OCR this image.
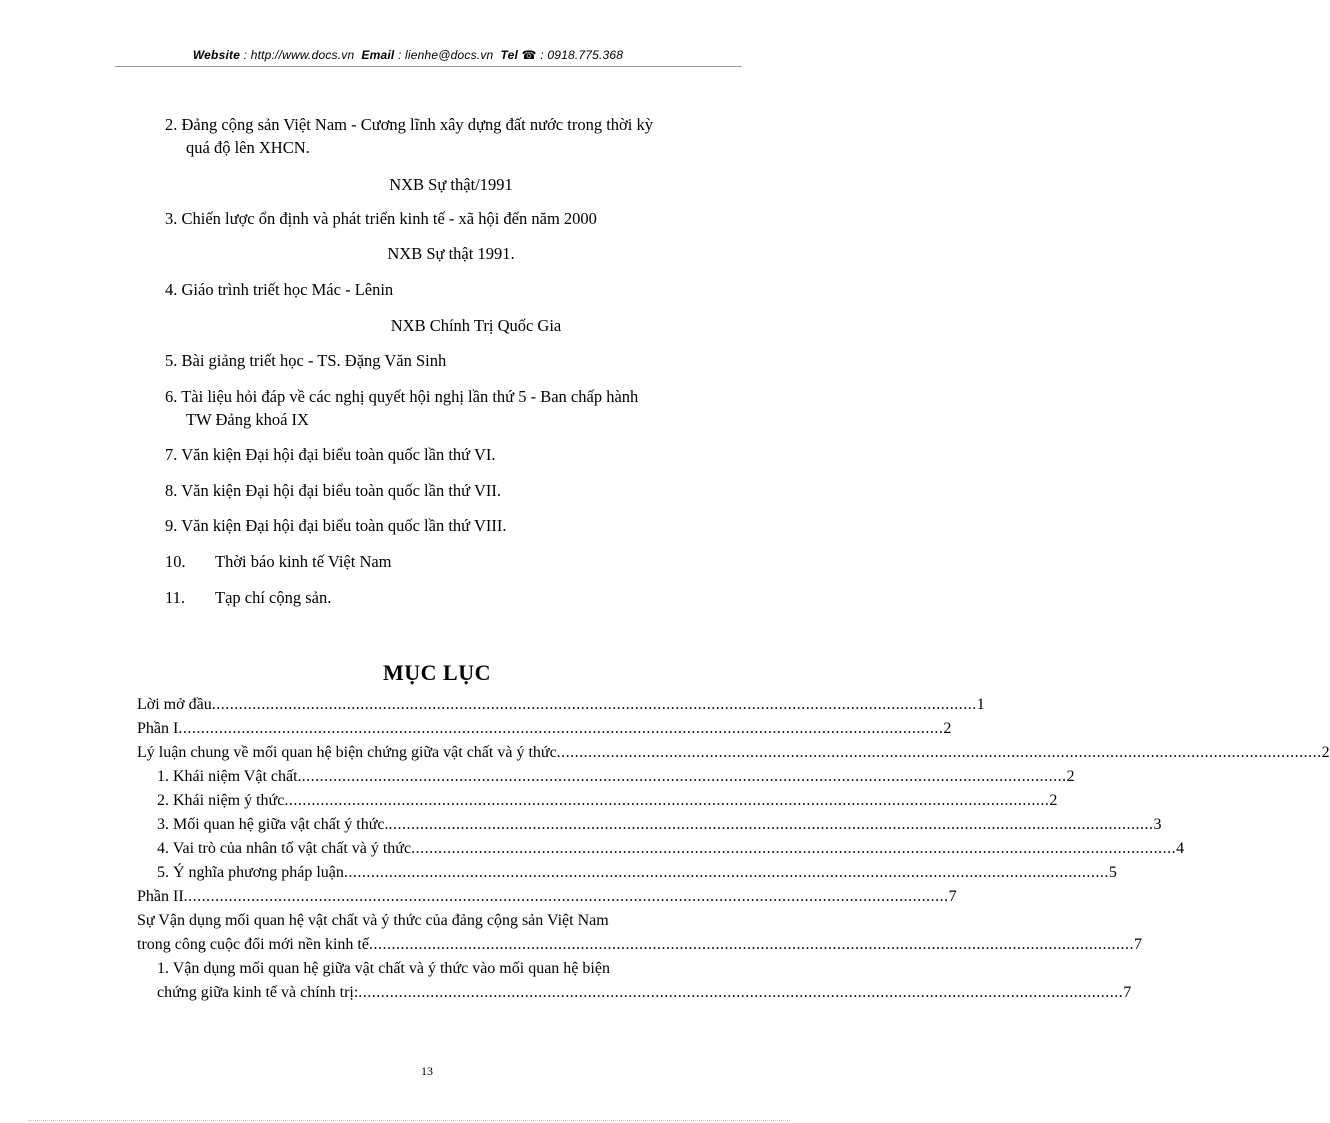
Website : http://www.docs.vn Email : lienhe@docs.vn Tel ☎ : 0918.775.368
2. Đảng cộng sản Việt Nam - Cương lĩnh xây dựng đất nước trong thời kỳ
quá độ lên XHCN.
NXB Sự thật/1991
3. Chiến lược ổn định và phát triển kinh tế - xã hội đến năm 2000
NXB Sự thật 1991.
4. Giáo trình triết học Mác - Lênin
NXB Chính Trị Quốc Gia
5. Bài giảng triết học - TS. Đặng Văn Sinh
6. Tài liệu hỏi đáp về các nghị quyết hội nghị lần thứ 5 - Ban chấp hành
TW Đảng khoá IX
7. Văn kiện Đại hội đại biểu toàn quốc lần thứ VI.
8. Văn kiện Đại hội đại biểu toàn quốc lần thứ VII.
9. Văn kiện Đại hội đại biểu toàn quốc lần thứ VIII.
10. Thời báo kinh tế Việt Nam
11. Tạp chí cộng sản.
MỤC LỤC
Lời mở đầu .......................................................................................................................................................................... 1
Phần I .......................................................................................................................................................................... 2
Lý luận chung về mối quan hệ biện chứng giữa vật chất và ý thức .......................................................................................................................................................................... 2
1. Khái niệm Vật chất. .......................................................................................................................................................................... 2
2. Khái niệm ý thức .......................................................................................................................................................................... 2
3. Mối quan hệ giữa vật chất ý thức. .......................................................................................................................................................................... 3
4. Vai trò của nhân tố vật chất và ý thức .......................................................................................................................................................................... 4
5. Ý nghĩa phương pháp luận .......................................................................................................................................................................... 5
Phần II .......................................................................................................................................................................... 7
Sự Vận dụng mối quan hệ vật chất và ý thức của đảng cộng sản Việt Nam
trong công cuộc đổi mới nền kinh tế .......................................................................................................................................................................... 7
1. Vận dụng mối quan hệ giữa vật chất và ý thức vào mối quan hệ biện
chứng giữa kinh tế và chính trị: .......................................................................................................................................................................... 7
13
